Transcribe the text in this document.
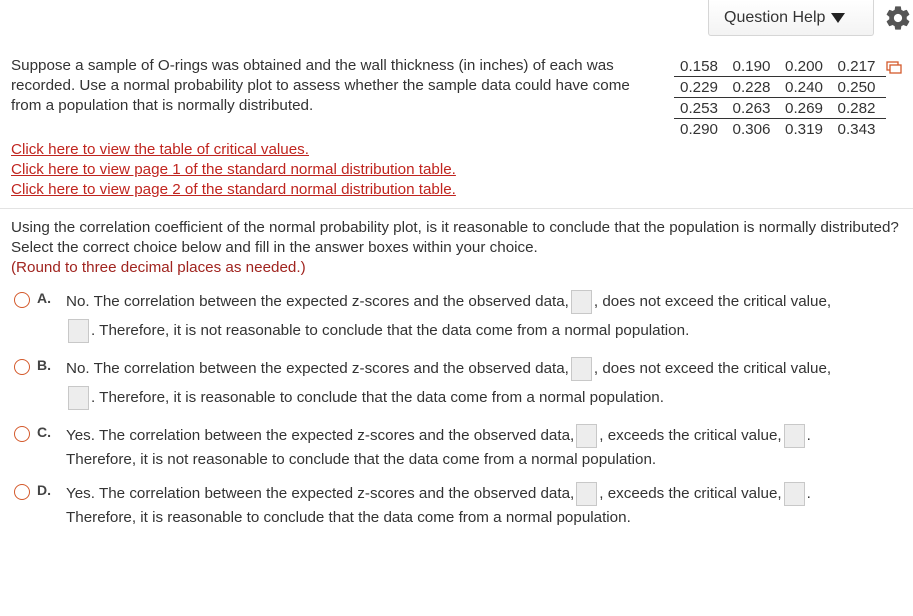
Question Help
Suppose a sample of O-rings was obtained and the wall thickness (in inches) of each was recorded. Use a normal probability plot to assess whether the sample data could have come from a population that is normally distributed.
0.158 0.190 0.200 0.217
0.229 0.228 0.240 0.250
0.253 0.263 0.269 0.282
0.290 0.306 0.319 0.343
Click here to view the table of critical values.
Click here to view page 1 of the standard normal distribution table.
Click here to view page 2 of the standard normal distribution table.
Using the correlation coefficient of the normal probability plot, is it reasonable to conclude that the population is normally distributed? Select the correct choice below and fill in the answer boxes within your choice.
(Round to three decimal places as needed.)
A. No. The correlation between the expected z-scores and the observed data, , does not exceed the critical value,
. Therefore, it is not reasonable to conclude that the data come from a normal population.
B. No. The correlation between the expected z-scores and the observed data, , does not exceed the critical value,
. Therefore, it is reasonable to conclude that the data come from a normal population.
C. Yes. The correlation between the expected z-scores and the observed data, , exceeds the critical value, .
Therefore, it is not reasonable to conclude that the data come from a normal population.
D. Yes. The correlation between the expected z-scores and the observed data, , exceeds the critical value, .
Therefore, it is reasonable to conclude that the data come from a normal population.
